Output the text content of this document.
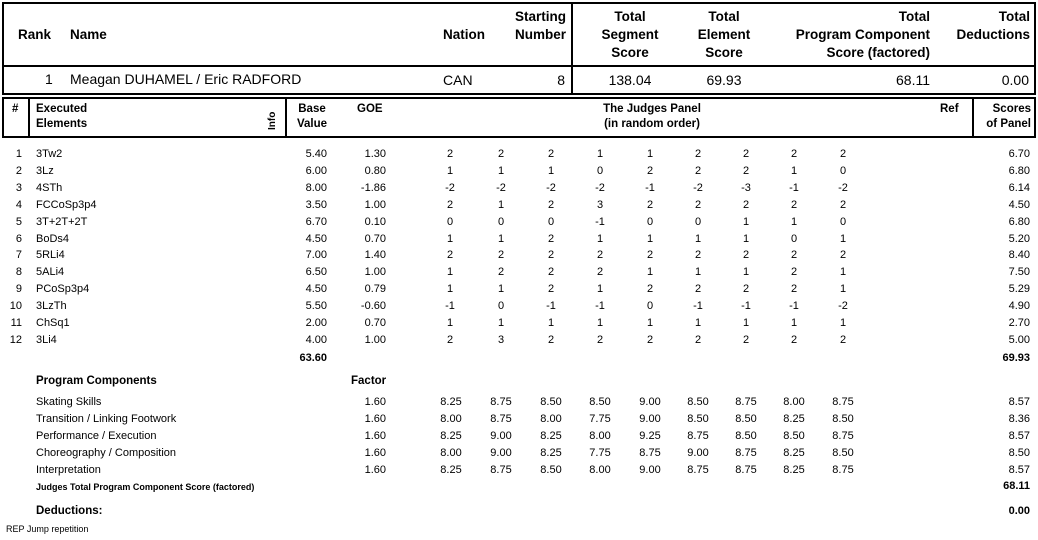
Rank Name	Nation
Starting
Number
Total
Segment
Score
Total
Element
Score
Total
Program Component
Score (factored)
Total
Deductions
1 Meagan DUHAMEL / Eric RADFORD	CAN	8	138.04	69.93	68.11	0.00
# Executed
Elements	Info
Base
Value
GOE	The Judges Panel
(in random order)
Ref	Scores
of Panel
1 3Tw2	5.40	1.30	2	2	2	1	1	2	2	2	2	6.70
2 3Lz	6.00	0.80	1	1	1	0	2	2	2	1	0	6.80
3 4STh	8.00	-1.86	-2	-2	-2	-2	-1	-2	-3	-1	-2	6.14
4 FCCoSp3p4	3.50	1.00	2	1	2	3	2	2	2	2	2	4.50
5 3T+2T+2T	6.70	0.10	0	0	0	-1	0	0	1	1	0	6.80
6 BoDs4	4.50	0.70	1	1	2	1	1	1	1	0	1	5.20
7 5RLi4	7.00	1.40	2	2	2	2	2	2	2	2	2	8.40
8 5ALi4	6.50	1.00	1	2	2	2	1	1	1	2	1	7.50
9 PCoSp3p4	4.50	0.79	1	1	2	1	2	2	2	2	1	5.29
10 3LzTh	5.50	-0.60	-1	0	-1	-1	0	-1	-1	-1	-2	4.90
11 ChSq1	2.00	0.70	1	1	1	1	1	1	1	1	1	2.70
12 3Li4	4.00	1.00	2	3	2	2	2	2	2	2	2	5.00
63.60	69.93
Program Components	Factor
Skating Skills	1.60	8.25	8.75	8.50	8.50	9.00	8.50	8.75	8.00	8.75	8.57
Transition / Linking Footwork	1.60	8.00	8.75	8.00	7.75	9.00	8.50	8.50	8.25	8.50	8.36
Performance / Execution	1.60	8.25	9.00	8.25	8.00	9.25	8.75	8.50	8.50	8.75	8.57
Choreography / Composition	1.60	8.00	9.00	8.25	7.75	8.75	9.00	8.75	8.25	8.50	8.50
Interpretation	1.60	8.25	8.75	8.50	8.00	9.00	8.75	8.75	8.25	8.75	8.57
Judges Total Program Component Score (factored)	68.11
Deductions:	0.00
REP Jump repetition
